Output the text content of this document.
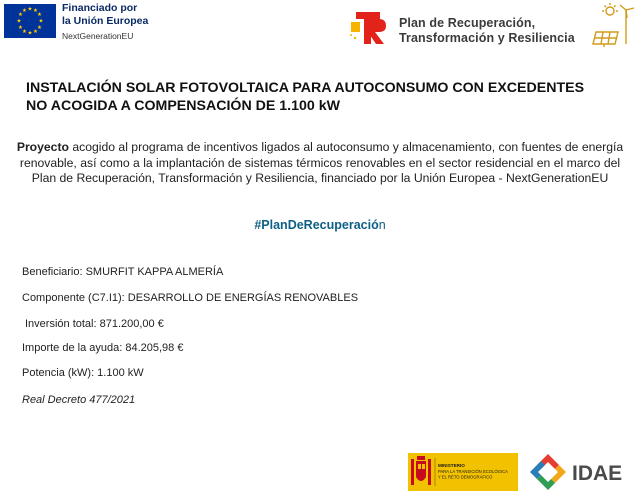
★ ★
★
★
★
★
★
★
★
★
★
★	Financiado por
la Unión Europea
NextGenerationEU
Plan de Recuperación,
Transformación y Resiliencia
INSTALACIÓN SOLAR FOTOVOLTAICA PARA AUTOCONSUMO CON EXCEDENTES
NO ACOGIDA A COMPENSACIÓN DE 1.100 kW
Proyecto acogido al programa de incentivos ligados al autoconsumo y almacenamiento, con fuentes de energía renovable, así como a la implantación de sistemas térmicos renovables en el sector residencial en el marco del Plan de Recuperación, Transformación y Resiliencia, financiado por la Unión Europea - NextGenerationEU
#PlanDeRecuperación
Beneficiario: SMURFIT KAPPA ALMERÍA
Componente (C7.I1): DESARROLLO DE ENERGÍAS RENOVABLES
Inversión total: 871.200,00 €
Importe de la ayuda: 84.205,98 €
Potencia (kW): 1.100 kW
Real Decreto 477/2021
MINISTERIO
PARA LA TRANSICIÓN ECOLÓGICA
Y EL RETO DEMOGRÁFICO	IDAE
